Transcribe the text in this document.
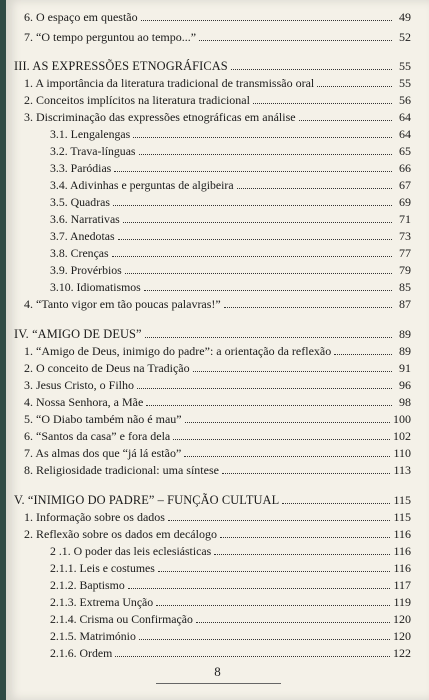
6. O espaço em questão	49
7. “O tempo perguntou ao tempo...”	52
III. AS EXPRESSÕES ETNOGRÁFICAS	55
1. A importância da literatura tradicional de transmissão oral	55
2. Conceitos implícitos na literatura tradicional	56
3. Discriminação das expressões etnográficas em análise	64
3.1. Lengalengas	64
3.2. Trava-línguas	65
3.3. Paródias	66
3.4. Adivinhas e perguntas de algibeira	67
3.5. Quadras	69
3.6. Narrativas	71
3.7. Anedotas	73
3.8. Crenças	77
3.9. Provérbios	79
3.10. Idiomatismos	85
4. “Tanto vigor em tão poucas palavras!”	87
IV. “AMIGO DE DEUS”	89
1. “Amigo de Deus, inimigo do padre”: a orientação da reflexão	89
2. O conceito de Deus na Tradição	91
3. Jesus Cristo, o Filho	96
4. Nossa Senhora, a Mãe	98
5. “O Diabo também não é mau”	100
6. “Santos da casa” e fora dela	102
7. As almas dos que “já lá estão”	110
8. Religiosidade tradicional: uma síntese	113
V. “INIMIGO DO PADRE” – FUNÇÃO CULTUAL	115
1. Informação sobre os dados	115
2. Reflexão sobre os dados em decálogo	116
2 .1. O poder das leis eclesiásticas	116
2.1.1. Leis e costumes	116
2.1.2. Baptismo	117
2.1.3. Extrema Unção	119
2.1.4. Crisma ou Confirmação	120
2.1.5. Matrimónio	120
2.1.6. Ordem	122
8
